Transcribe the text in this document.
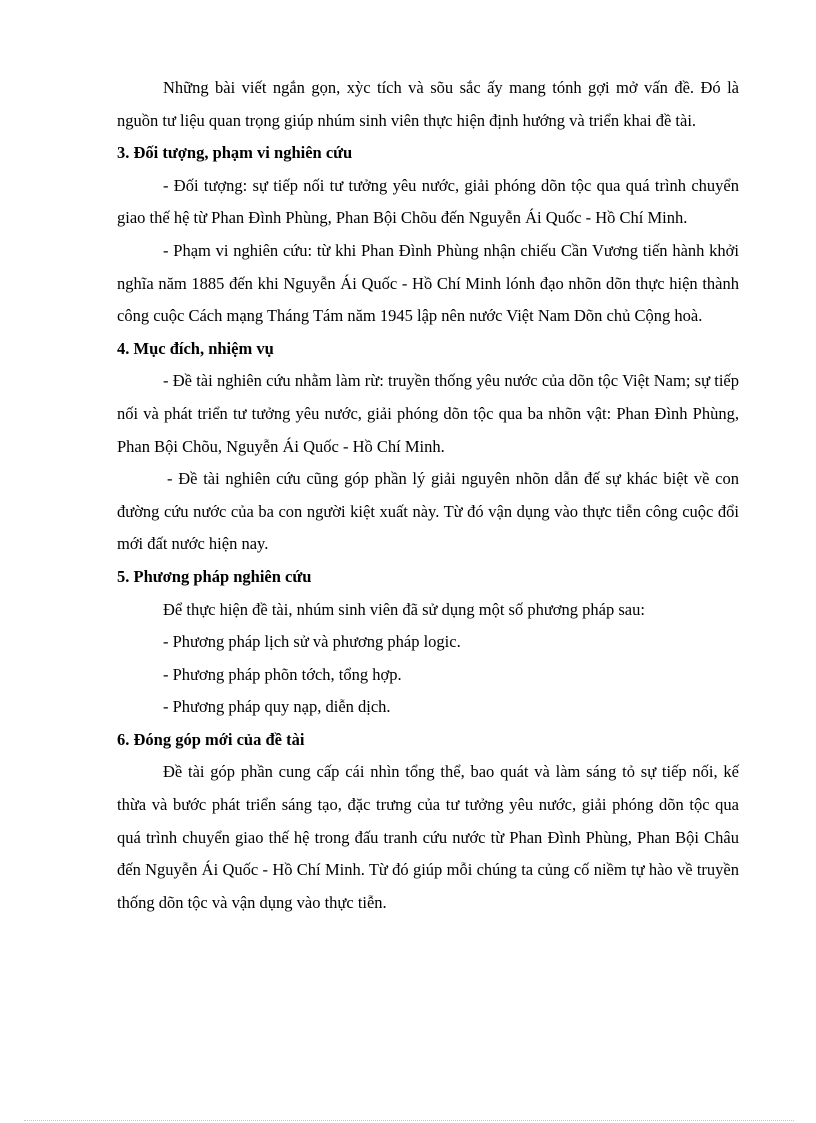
Những bài viết ngắn gọn, xỳc tích và sõu sắc ấy mang tónh gợi mở vấn đề. Đó là nguồn tư liệu quan trọng giúp nhúm sinh viên thực hiện định hướng và triển khai đề tài.

3. Đối tượng, phạm vi nghiên cứu

- Đối tượng: sự tiếp nối tư tưởng yêu nước, giải phóng dõn tộc qua quá trình chuyển giao thế hệ từ Phan Đình Phùng, Phan Bội Chõu đến Nguyễn Ái Quốc - Hồ Chí Minh.

- Phạm vi nghiên cứu: từ khi Phan Đình Phùng nhận chiếu Cần Vương tiến hành khởi nghĩa năm 1885 đến khi Nguyễn Ái Quốc - Hồ Chí Minh lónh đạo nhõn dõn thực hiện thành công cuộc Cách mạng Tháng Tám năm 1945 lập nên nước Việt Nam Dõn chủ Cộng hoà.

4. Mục đích, nhiệm vụ

- Đề tài nghiên cứu nhằm làm rừ: truyền thống yêu nước của dõn tộc Việt Nam; sự tiếp nối và phát triển tư tưởng yêu nước, giải phóng dõn tộc qua ba nhõn vật: Phan Đình Phùng, Phan Bội Chõu, Nguyễn Ái Quốc - Hồ Chí Minh.

- Đề tài nghiên cứu cũng góp phần lý giải nguyên nhõn dẫn đế sự khác biệt về con đường cứu nước của ba con người kiệt xuất này. Từ đó vận dụng vào thực tiễn công cuộc đổi mới đất nước hiện nay.

5. Phương pháp nghiên cứu

Để thực hiện đề tài, nhúm sinh viên đã sử dụng một số phương pháp sau:

- Phương pháp lịch sử và phương pháp logic.

- Phương pháp phõn tớch, tổng hợp.

- Phương pháp quy nạp, diễn dịch.

6. Đóng góp mới của đề tài

Đề tài góp phần cung cấp cái nhìn tổng thể, bao quát và làm sáng tỏ sự tiếp nối, kế thừa và bước phát triển sáng tạo, đặc trưng của tư tưởng yêu nước, giải phóng dõn tộc qua quá trình chuyển giao thế hệ trong đấu tranh cứu nước từ Phan Đình Phùng, Phan Bội Châu đến Nguyễn Ái Quốc - Hồ Chí Minh. Từ đó giúp mỗi chúng ta củng cố niềm tự hào về truyền thống dõn tộc và vận dụng vào thực tiễn.
